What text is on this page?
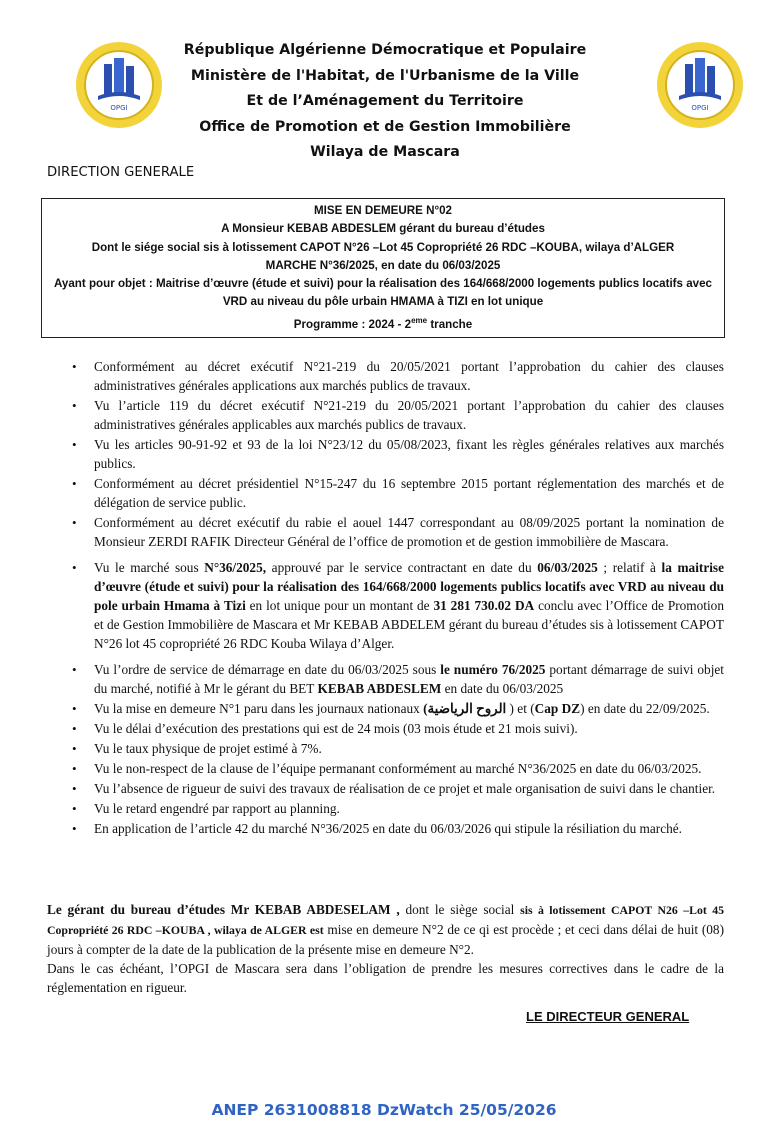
OPGI	OPGI
République Algérienne Démocratique et Populaire
Ministère de l'Habitat, de l'Urbanisme de la Ville
Et de l’Aménagement du Territoire
Office de Promotion et de Gestion Immobilière
Wilaya de Mascara
DIRECTION GENERALE
MISE EN DEMEURE N°02
A Monsieur KEBAB ABDESLEM gérant du bureau d’études
Dont le siége social sis à lotissement CAPOT N°26 –Lot 45 Copropriété 26 RDC –KOUBA, wilaya d’ALGER
MARCHE N°36/2025, en date du 06/03/2025
Ayant pour objet : Maitrise d’œuvre (étude et suivi) pour la réalisation des 164/668/2000 logements publics locatifs avec
VRD au niveau du pôle urbain HMAMA à TIZI en lot unique
Programme : 2024 - 2eme tranche
• Conformément au décret exécutif N°21-219 du 20/05/2021 portant l’approbation du cahier des clauses administratives générales applications aux marchés publics de travaux.
• Vu l’article 119 du décret exécutif N°21-219 du 20/05/2021 portant l’approbation du cahier des clauses administratives générales applicables aux marchés publics de travaux.
• Vu les articles 90-91-92 et 93 de la loi N°23/12 du 05/08/2023, fixant les règles générales relatives aux marchés publics.
• Conformément au décret présidentiel N°15-247 du 16 septembre 2015 portant réglementation des marchés et de délégation de service public.
• Conformément au décret exécutif du rabie el aouel 1447 correspondant au 08/09/2025 portant la nomination de Monsieur ZERDI RAFIK Directeur Général de l’office de promotion et de gestion immobilière de Mascara.
• Vu le marché sous N°36/2025, approuvé par le service contractant en date du 06/03/2025 ; relatif à la maitrise d’œuvre (étude et suivi) pour la réalisation des 164/668/2000 logements publics locatifs avec VRD au niveau du pole urbain Hmama à Tizi en lot unique pour un montant de 31 281 730.02 DA conclu avec l’Office de Promotion et de Gestion Immobilière de Mascara et Mr KEBAB ABDELEM gérant du bureau d’études sis à lotissement CAPOT N°26 lot 45 copropriété 26 RDC Kouba Wilaya d’Alger.
• Vu l’ordre de service de démarrage en date du 06/03/2025 sous le numéro 76/2025 portant démarrage de suivi objet du marché, notifié à Mr le gérant du BET KEBAB ABDESLEM en date du 06/03/2025
• Vu la mise en demeure N°1 paru dans les journaux nationaux (الروح الرياضية ) et (Cap DZ) en date du 22/09/2025.
• Vu le délai d’exécution des prestations qui est de 24 mois (03 mois étude et 21 mois suivi).
• Vu le taux physique de projet estimé à 7%.
• Vu le non-respect de la clause de l’équipe permanant conformément au marché N°36/2025 en date du 06/03/2025.
• Vu l’absence de rigueur de suivi des travaux de réalisation de ce projet et male organisation de suivi dans le chantier.
• Vu le retard engendré par rapport au planning.
• En application de l’article 42 du marché N°36/2025 en date du 06/03/2026 qui stipule la résiliation du marché.
Le gérant du bureau d’études Mr KEBAB ABDESELAM , dont le siège social sis à lotissement CAPOT N26 –Lot 45 Copropriété 26 RDC –KOUBA , wilaya de ALGER est mise en demeure N°2 de ce qi est procède ; et ceci dans délai de huit (08) jours à compter de la date de la publication de la présente mise en demeure N°2.
Dans le cas échéant, l’OPGI de Mascara sera dans l’obligation de prendre les mesures correctives dans le cadre de la réglementation en rigueur.
LE DIRECTEUR GENERAL
ANEP 2631008818 DzWatch 25/05/2026
